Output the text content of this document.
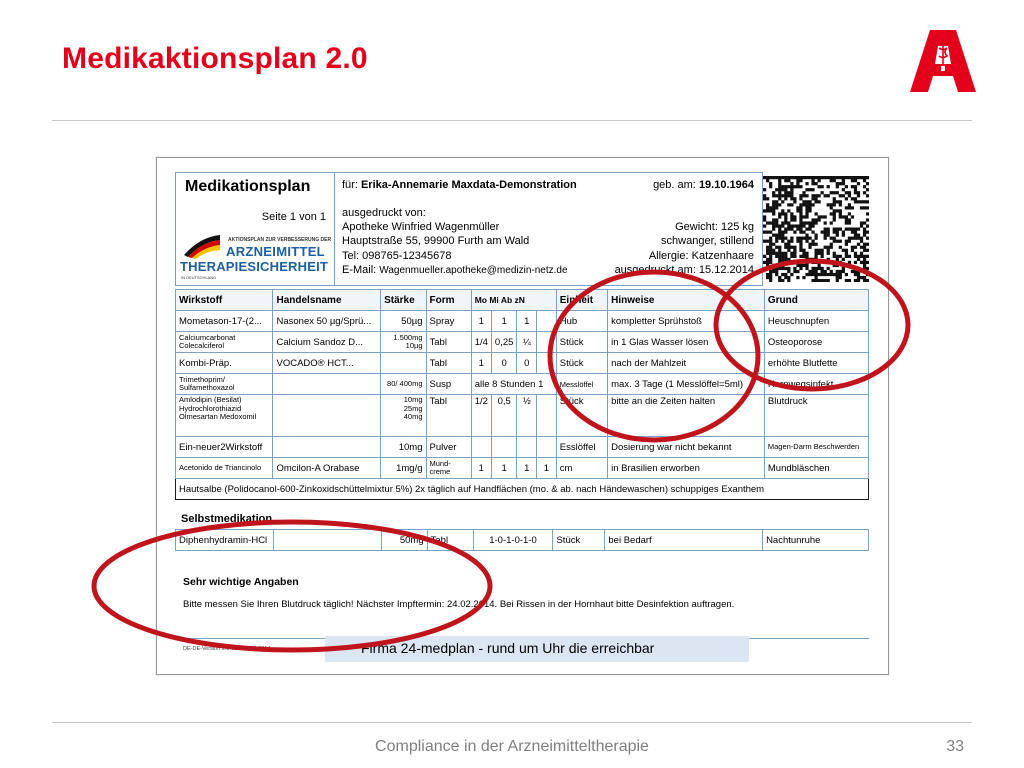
Medikaktionsplan 2.0
Medikationsplan
Seite 1 von 1
AKTIONSPLAN ZUR VERBESSERUNG DER
ARZNEIMITTEL
THERAPIESICHERHEIT
IN DEUTSCHLAND
für: Erika-Annemarie Maxdata-Demonstration	geb. am: 19.10.1964
ausgedruckt von:
Apotheke Winfried Wagenmüller
Hauptstraße 55, 99900 Furth am Wald
Tel: 098765-12345678
E-Mail: Wagenmueller.apotheke@medizin-netz.de
Gewicht: 125 kg
schwanger, stillend
Allergie: Katzenhaare
ausgedruckt am: 15.12.2014
Wirkstoff	Handelsname	Stärke	Form	Mo Mi Ab zN				Einheit	Hinweise	Grund
Mometason-17-(2...	Nasonex 50 µg/Sprü...	50µg	Spray	1	1	1		Hub	kompletter Sprühstoß	Heuschnupfen
Calciumcarbonat Colecalciferol	Calcium Sandoz D...	1.500mg 10µg	Tabl	1/4	0,25	¼		Stück	in 1 Glas Wasser lösen	Osteoporose
Kombi-Präp.	VOCADO® HCT...		Tabl	1	0	0		Stück	nach der Mahlzeit	erhöhte Blutfette
Trimethoprim/ Sulfamethoxazol		80/ 400mg	Susp	alle 8 Stunden 1				Messlöffel	max. 3 Tage (1 Messlöffel=5ml)	Harnwegsinfekt
Amlodipin (Besilat) Hydrochlorothiazid Olmesartan Medoxomil		10mg 25mg 40mg	Tabl	1/2	0,5	½		Stück	bitte an die Zeiten halten	Blutdruck
Ein-neuer2Wirkstoff		10mg	Pulver					Esslöffel	Dosierung war nicht bekannt	Magen-Darm Beschwerden
Acetonido de Triancinolo	Omcilon-A Orabase	1mg/g	Mund-creme	1	1	1	1	cm	in Brasilien erworben	Mundbläschen
Hautsalbe (Polidocanol-600-Zinkoxidschüttelmixtur 5%) 2x täglich auf Handflächen (mo. & ab. nach Händewaschen) schuppiges Exanthem										
Selbstmedikation
Diphenhydramin-HCl		50mg	Tabl	1-0-1-0-1-0	Stück	bei Bedarf	Nachtunruhe
Sehr wichtige Angaben
Bitte messen Sie Ihren Blutdruck täglich! Nächster Impftermin: 24.02.2014. Bei Rissen in der Hornhaut bitte Desinfektion auftragen.
DE-DE-Version 2.0 vom 15.12.2014	Firma 24-medplan - rund um Uhr die erreichbar
Compliance in der Arzneimitteltherapie	33
